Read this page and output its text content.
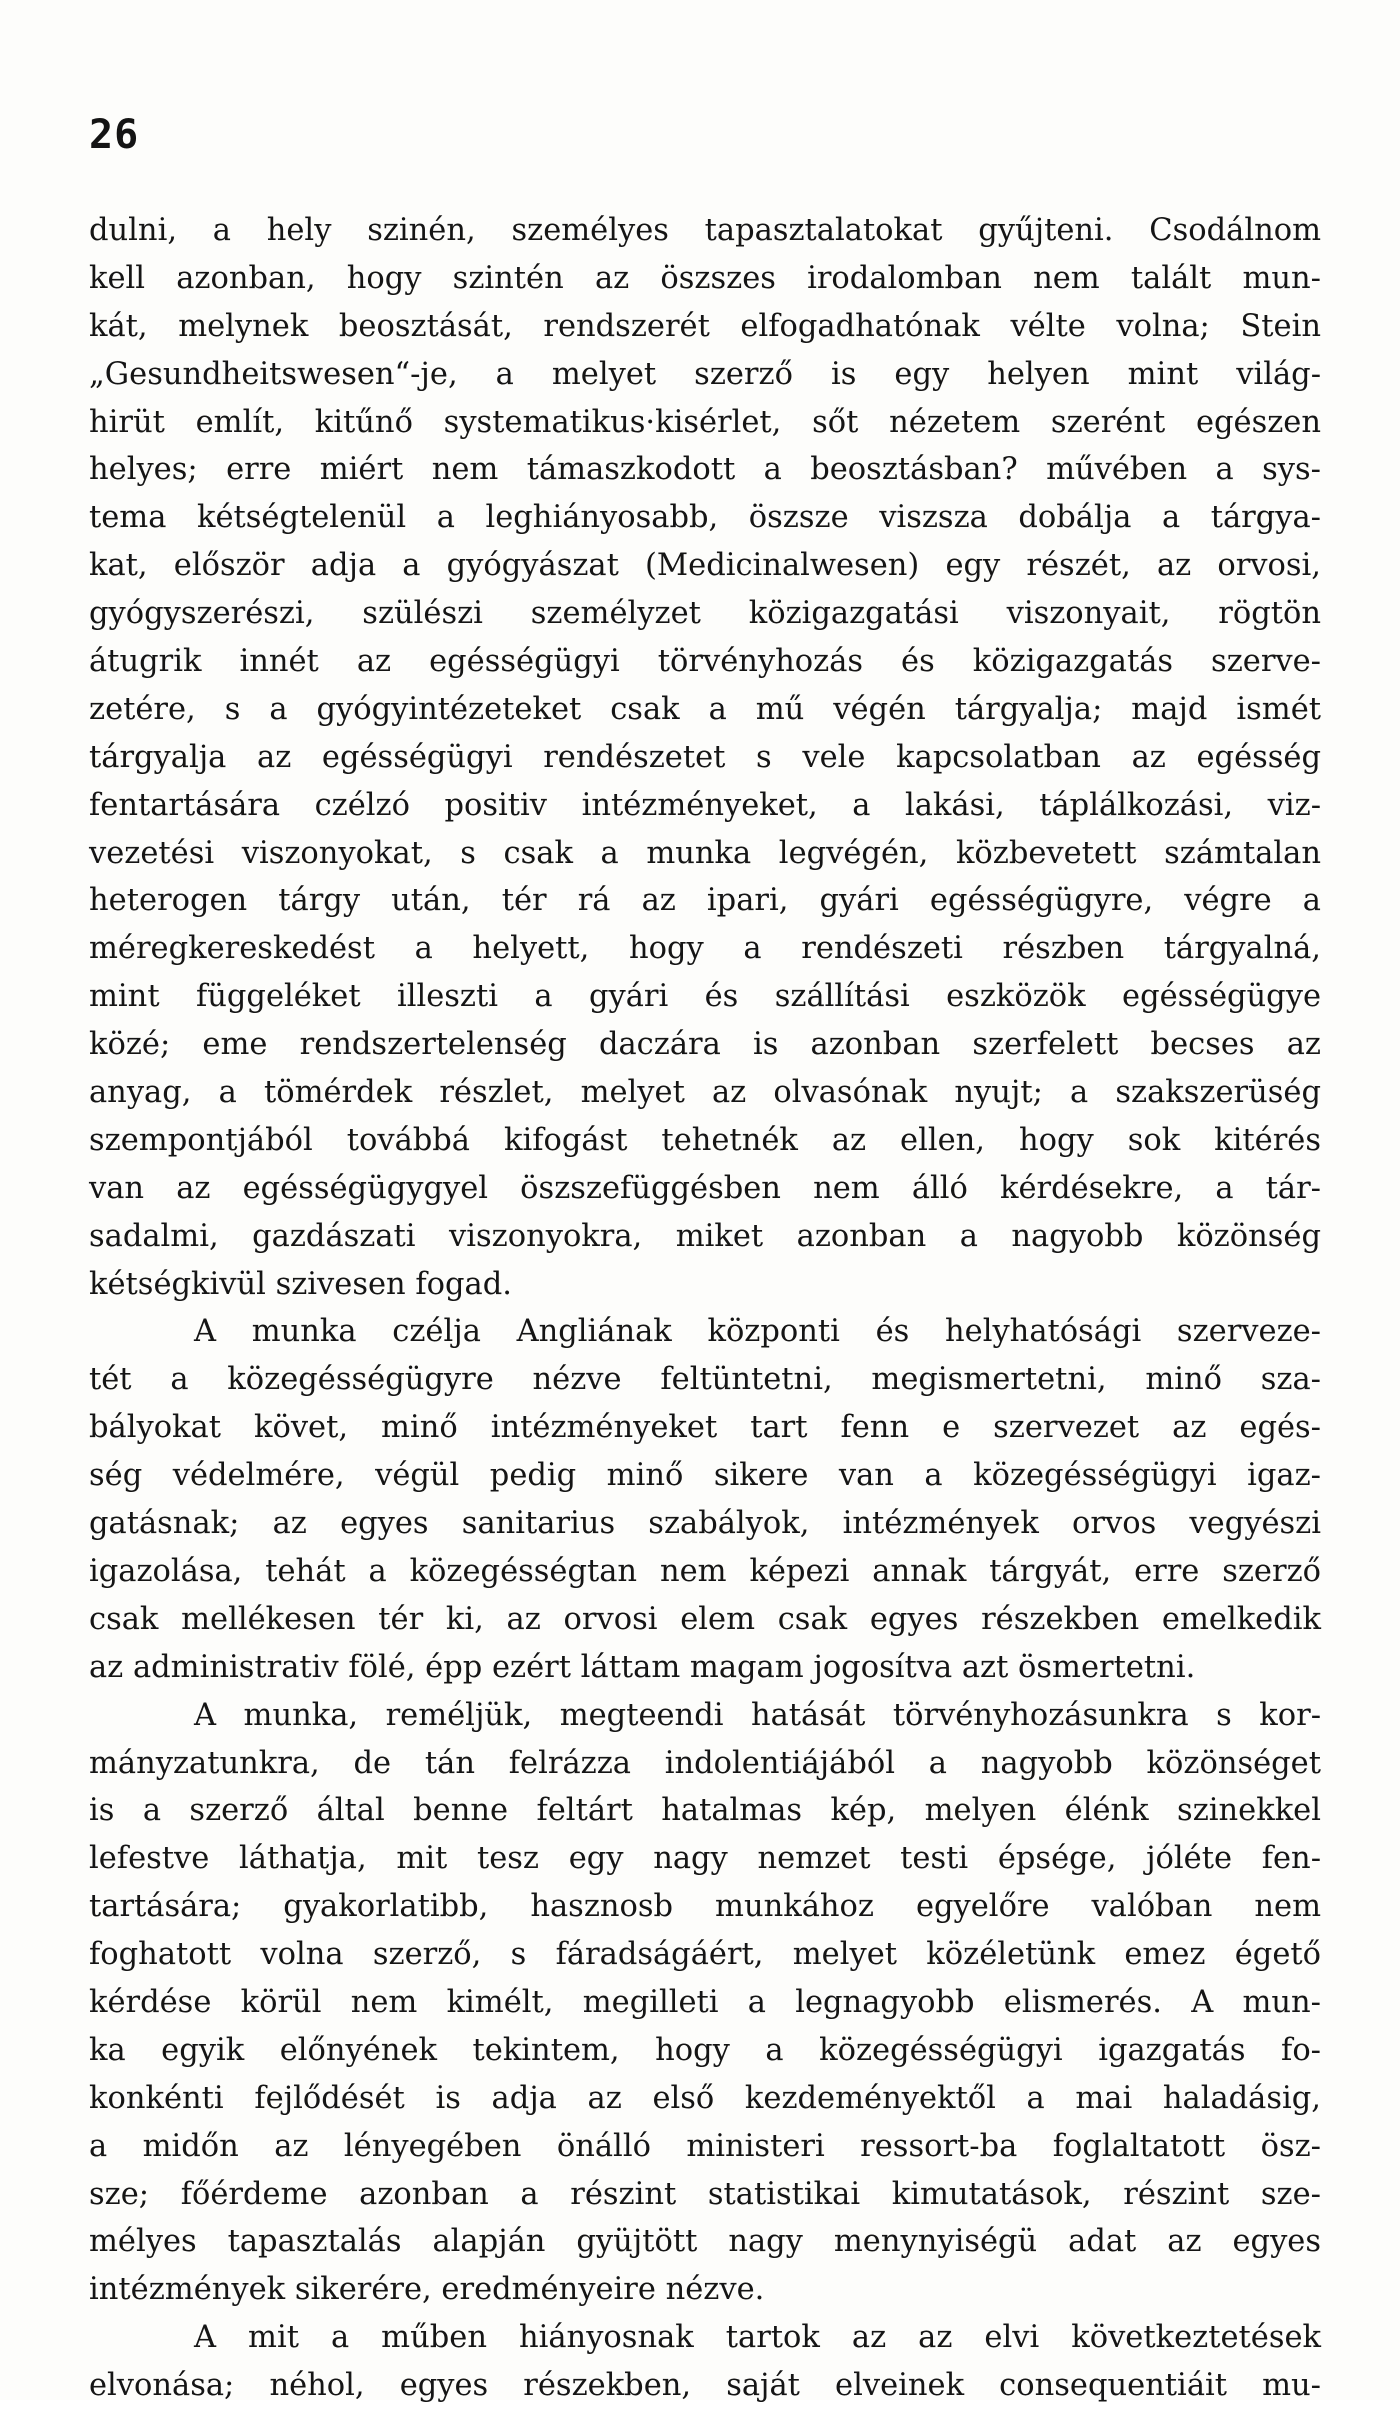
26
dulni, a hely szinén, személyes tapasztalatokat gyűjteni. Csodálnom
kell azonban, hogy szintén az öszszes irodalomban nem talált mun-
kát, melynek beosztását, rendszerét elfogadhatónak vélte volna; Stein
„Gesundheitswesen“-je, a melyet szerző is egy helyen mint világ-
hirüt említ, kitűnő systematikus·kisérlet, sőt nézetem szerént egészen
helyes; erre miért nem támaszkodott a beosztásban? művében a sys-
tema kétségtelenül a leghiányosabb, öszsze viszsza dobálja a tárgya-
kat, először adja a gyógyászat (Medicinalwesen) egy részét, az orvosi,
gyógyszerészi, szülészi személyzet közigazgatási viszonyait, rögtön
átugrik innét az egésségügyi törvényhozás és közigazgatás szerve-
zetére, s a gyógyintézeteket csak a mű végén tárgyalja; majd ismét
tárgyalja az egésségügyi rendészetet s vele kapcsolatban az egésség
fentartására czélzó positiv intézményeket, a lakási, táplálkozási, viz-
vezetési viszonyokat, s csak a munka legvégén, közbevetett számtalan
heterogen tárgy után, tér rá az ipari, gyári egésségügyre, végre a
méregkereskedést a helyett, hogy a rendészeti részben tárgyalná,
mint függeléket illeszti a gyári és szállítási eszközök egésségügye
közé; eme rendszertelenség daczára is azonban szerfelett becses az
anyag, a tömérdek részlet, melyet az olvasónak nyujt; a szakszerüség
szempontjából továbbá kifogást tehetnék az ellen, hogy sok kitérés
van az egésségügygyel öszszefüggésben nem álló kérdésekre, a tár-
sadalmi, gazdászati viszonyokra, miket azonban a nagyobb közönség
kétségkivül szivesen fogad.
A munka czélja Angliának központi és helyhatósági szerveze-
tét a közegésségügyre nézve feltüntetni, megismertetni, minő sza-
bályokat követ, minő intézményeket tart fenn e szervezet az egés-
ség védelmére, végül pedig minő sikere van a közegésségügyi igaz-
gatásnak; az egyes sanitarius szabályok, intézmények orvos vegyészi
igazolása, tehát a közegésségtan nem képezi annak tárgyát, erre szerző
csak mellékesen tér ki, az orvosi elem csak egyes részekben emelkedik
az administrativ fölé, épp ezért láttam magam jogosítva azt ösmertetni.
A munka, reméljük, megteendi hatását törvényhozásunkra s kor-
mányzatunkra, de tán felrázza indolentiájából a nagyobb közönséget
is a szerző által benne feltárt hatalmas kép, melyen élénk szinekkel
lefestve láthatja, mit tesz egy nagy nemzet testi épsége, jóléte fen-
tartására; gyakorlatibb, hasznosb munkához egyelőre valóban nem
foghatott volna szerző, s fáradságáért, melyet közéletünk emez égető
kérdése körül nem kimélt, megilleti a legnagyobb elismerés. A mun-
ka egyik előnyének tekintem, hogy a közegésségügyi igazgatás fo-
konkénti fejlődését is adja az első kezdeményektől a mai haladásig,
a midőn az lényegében önálló ministeri ressort-ba foglaltatott ösz-
sze; főérdeme azonban a részint statistikai kimutatások, részint sze-
mélyes tapasztalás alapján gyüjtött nagy menynyiségü adat az egyes
intézmények sikerére, eredményeire nézve.
A mit a műben hiányosnak tartok az az elvi következtetések
elvonása; néhol, egyes részekben, saját elveinek consequentiáit mu-
